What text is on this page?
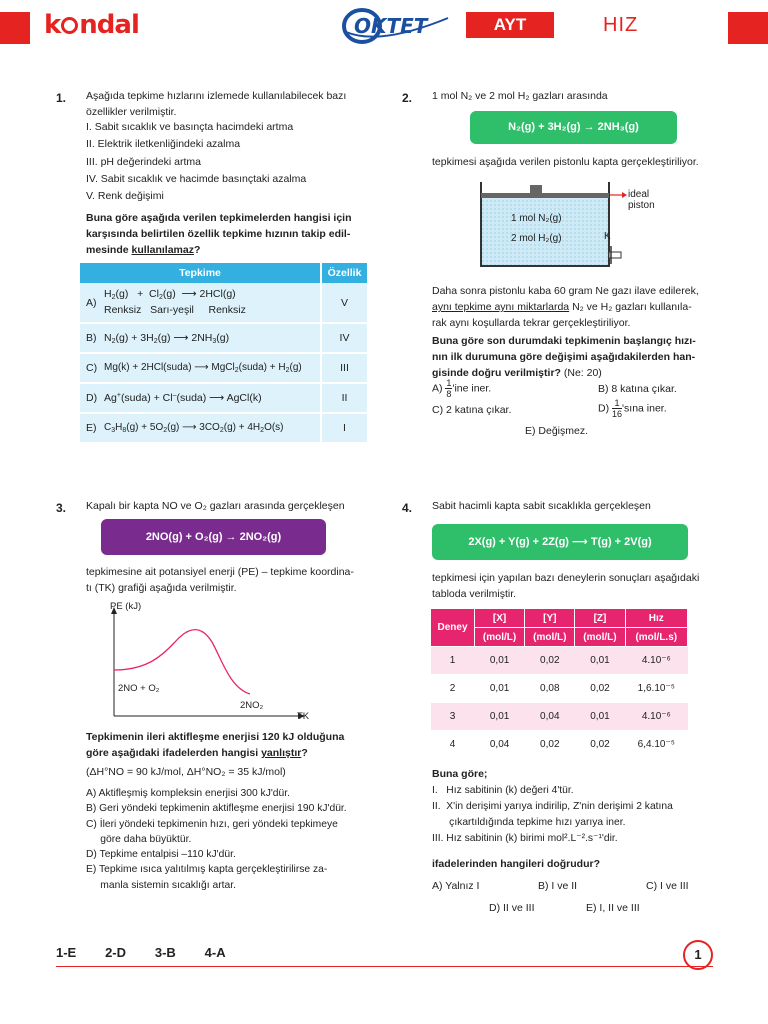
k ndal	OKTET	AYT	HIZ
1. Aşağıda tepkime hızlarını izlemede kullanılabilecek bazı
özellikler verilmiştir.
I. Sabit sıcaklık ve basınçta hacimdeki artma
II. Elektrik iletkenliğindeki azalma
III. pH değerindeki artma
IV. Sabit sıcaklık ve hacimde basınçtaki azalma
V. Renk değişimi
Buna göre aşağıda verilen tepkimelerden hangisi için
karşısında belirtilen özellik tepkime hızının takip edil-
mesinde kullanılamaz?
Tepkime		Özellik
A)	$H_2(g) + Cl_2(g)$  ⟶ 2HCl(g)
Renksiz Sarı-yeşil Renksiz	V
B)	$N_2(g) + 3H_2(g)$ ⟶ $2NH_3(g)$	IV
C)	Mg(k) + 2HCl(suda) ⟶ MgCl$_2$(suda) + $H_2(g)$	III
D)	Ag+(suda) + Cl–(suda) ⟶ AgCl(k)	II
E)	$C_3H_8(g) + 5O_2(g)$ ⟶ $3CO_2(g) + 4H_2O(s)$	I
2. 1 mol N₂ ve 2 mol H₂ gazları arasında
N₂(g) + 3H₂(g) → 2NH₃(g)
tepkimesi aşağıda verilen pistonlu kapta gerçekleştiriliyor.
ideal
piston
1 mol N₂(g)
2 mol H₂(g)	K
Daha sonra pistonlu kaba 60 gram Ne gazı ilave edilerek,
aynı tepkime aynı miktarlarda N₂ ve H₂ gazları kullanıla-
rak aynı koşullarda tekrar gerçekleştiriliyor.
Buna göre son durumdaki tepkimenin başlangıç hızı-
nın ilk durumuna göre değişimi aşağıdakilerden han-
gisinde doğru verilmiştir? (Ne: 20)
$A) \frac{1}{8}$ 'ine iner.	B) 8 katına çıkar.
C) 2 katına çıkar.	$D) \frac{1}{16}$ 'sına iner.
E) Değişmez.
3. Kapalı bir kapta NO ve O₂ gazları arasında gerçekleşen
2NO(g) + O₂(g) → 2NO₂(g)
tepkimesine ait potansiyel enerji (PE) – tepkime koordina-
tı (TK) grafiği aşağıda verilmiştir.
PE (kJ)
TK
2NO + O₂
2NO₂
Tepkimenin ileri aktifleşme enerjisi 120 kJ olduğuna
göre aşağıdaki ifadelerden hangisi yanlıştır?
(ΔH°NO = 90 kJ/mol, ΔH°NO₂ = 35 kJ/mol)
A) Aktifleşmiş kompleksin enerjisi 300 kJ'dür.
B) Geri yöndeki tepkimenin aktifleşme enerjisi 190 kJ'dür.
C) İleri yöndeki tepkimenin hızı, geri yöndeki tepkimeye
göre daha büyüktür.
D) Tepkime entalpisi –110 kJ'dür.
E) Tepkime ısıca yalıtılmış kapta gerçekleştirilirse za-
manla sistemin sıcaklığı artar.
4. Sabit hacimli kapta sabit sıcaklıkla gerçekleşen
2X(g) + Y(g) + 2Z(g) ⟶ T(g) + 2V(g)
tepkimesi için yapılan bazı deneylerin sonuçları aşağıdaki
tabloda verilmiştir.
Deney	[X]	[Y]	[Z]	Hız
	(mol/L)	(mol/L)	(mol/L)	(mol/L.s)
1	0,01	0,02	0,01	4.10⁻⁶
2	0,01	0,08	0,02	1,6.10⁻⁵
3	0,01	0,04	0,01	4.10⁻⁶
4	0,04	0,02	0,02	6,4.10⁻⁵
Buna göre;
I.   Hız sabitinin (k) değeri 4'tür.
II.  X'in derişimi yarıya indirilip, Z'nin derişimi 2 katına
çıkartıldığında tepkime hızı yarıya iner.
III. Hız sabitinin (k) birimi mol².L⁻².s⁻¹'dir.
ifadelerinden hangileri doğrudur?
A) Yalnız I	B) I ve II	C) I ve III
D) II ve III	E) I, II ve III
1-E   2-D   3-B   4-A	1
